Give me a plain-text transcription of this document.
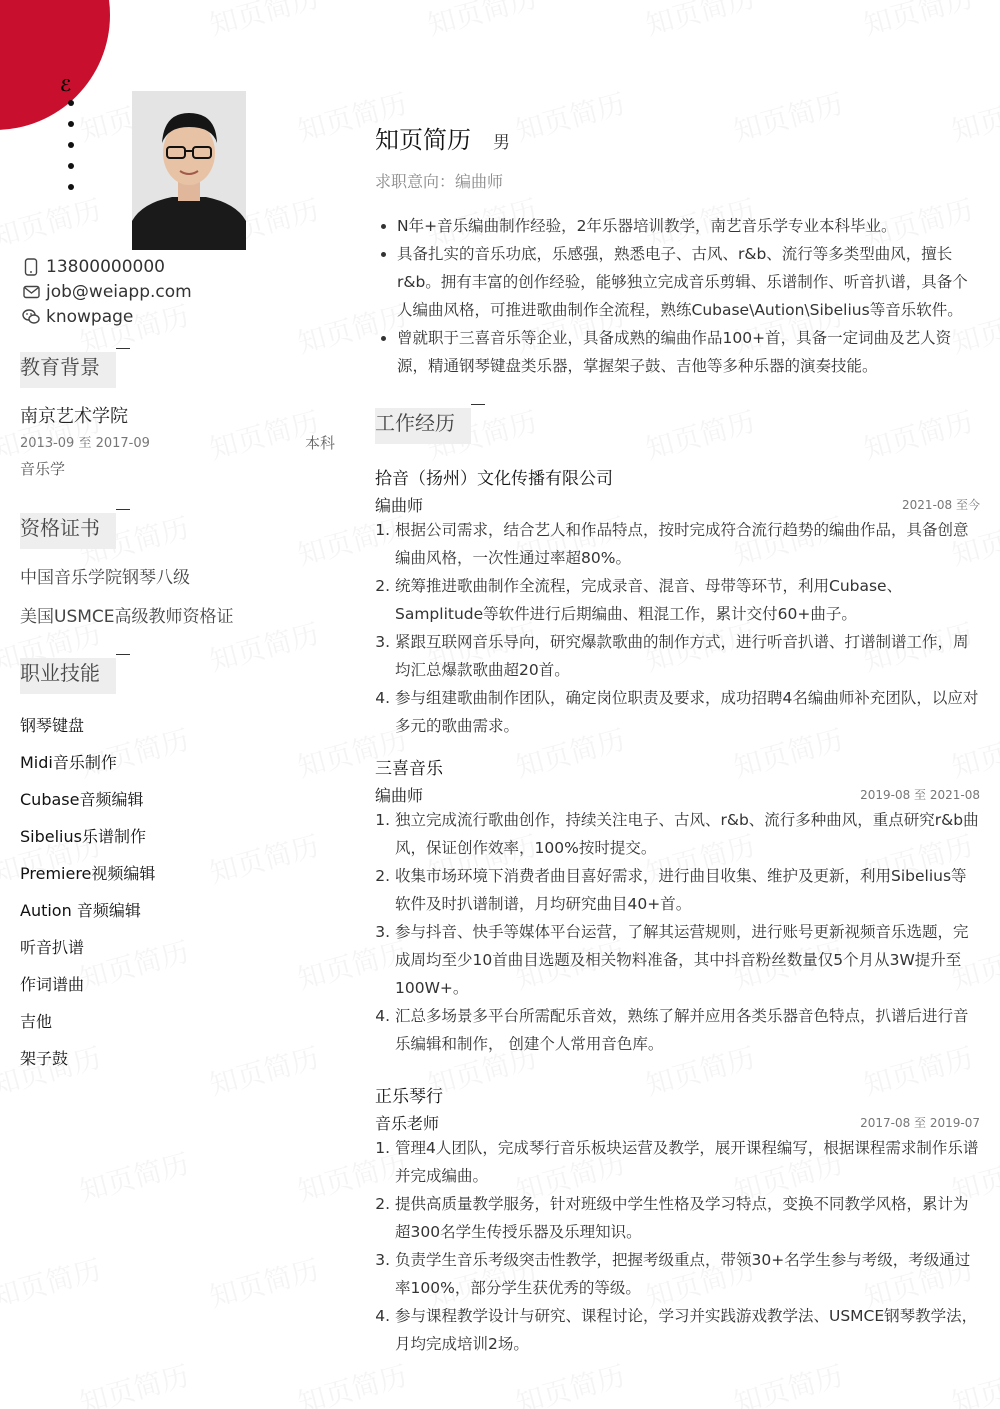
ℰ
13800000000
job@weiapp.com
knowpage
教育背景
南京艺术学院
2013-09 至 2017-09	本科
音乐学
资格证书
中国音乐学院钢琴八级
美国USMCE高级教师资格证
职业技能
钢琴键盘
Midi音乐制作
Cubase音频编辑
Sibelius乐谱制作
Premiere视频编辑
Aution 音频编辑
听音扒谱
作词谱曲
吉他
架子鼓
知页简历 男
求职意向：编曲师
• N年+音乐编曲制作经验，2年乐器培训教学，南艺音乐学专业本科毕业。
• 具备扎实的音乐功底，乐感强，熟悉电子、古风、r&b、流行等多类型曲风，擅长r&b。拥有丰富的创作经验，能够独立完成音乐剪辑、乐谱制作、听音扒谱，具备个人编曲风格，可推进歌曲制作全流程，熟练Cubase\Aution\Sibelius等音乐软件。
• 曾就职于三喜音乐等企业，具备成熟的编曲作品100+首，具备一定词曲及艺人资源，精通钢琴键盘类乐器，掌握架子鼓、吉他等多种乐器的演奏技能。
工作经历
拾音（扬州）文化传播有限公司
编曲师	2021-08 至今
1. 根据公司需求，结合艺人和作品特点，按时完成符合流行趋势的编曲作品，具备创意编曲风格，一次性通过率超80%。
2. 统筹推进歌曲制作全流程，完成录音、混音、母带等环节，利用Cubase、Samplitude等软件进行后期编曲、粗混工作，累计交付60+曲子。
3. 紧跟互联网音乐导向，研究爆款歌曲的制作方式，进行听音扒谱、打谱制谱工作，周均汇总爆款歌曲超20首。
4. 参与组建歌曲制作团队，确定岗位职责及要求，成功招聘4名编曲师补充团队，以应对多元的歌曲需求。
三喜音乐
编曲师	2019-08 至 2021-08
1. 独立完成流行歌曲创作，持续关注电子、古风、r&b、流行多种曲风，重点研究r&b曲风，保证创作效率，100%按时提交。
2. 收集市场环境下消费者曲目喜好需求，进行曲目收集、维护及更新，利用Sibelius等软件及时扒谱制谱，月均研究曲目40+首。
3. 参与抖音、快手等媒体平台运营，了解其运营规则，进行账号更新视频音乐选题，完成周均至少10首曲目选题及相关物料准备，其中抖音粉丝数量仅5个月从3W提升至100W+。
4. 汇总多场景多平台所需配乐音效，熟练了解并应用各类乐器音色特点，扒谱后进行音乐编辑和制作， 创建个人常用音色库。
正乐琴行
音乐老师	2017-08 至 2019-07
1. 管理4人团队，完成琴行音乐板块运营及教学，展开课程编写，根据课程需求制作乐谱并完成编曲。
2. 提供高质量教学服务，针对班级中学生性格及学习特点，变换不同教学风格，累计为超300名学生传授乐器及乐理知识。
3. 负责学生音乐考级突击性教学，把握考级重点，带领30+名学生参与考级，考级通过率100%，部分学生获优秀的等级。
4. 参与课程教学设计与研究、课程讨论，学习并实践游戏教学法、USMCE钢琴教学法，月均完成培训2场。
